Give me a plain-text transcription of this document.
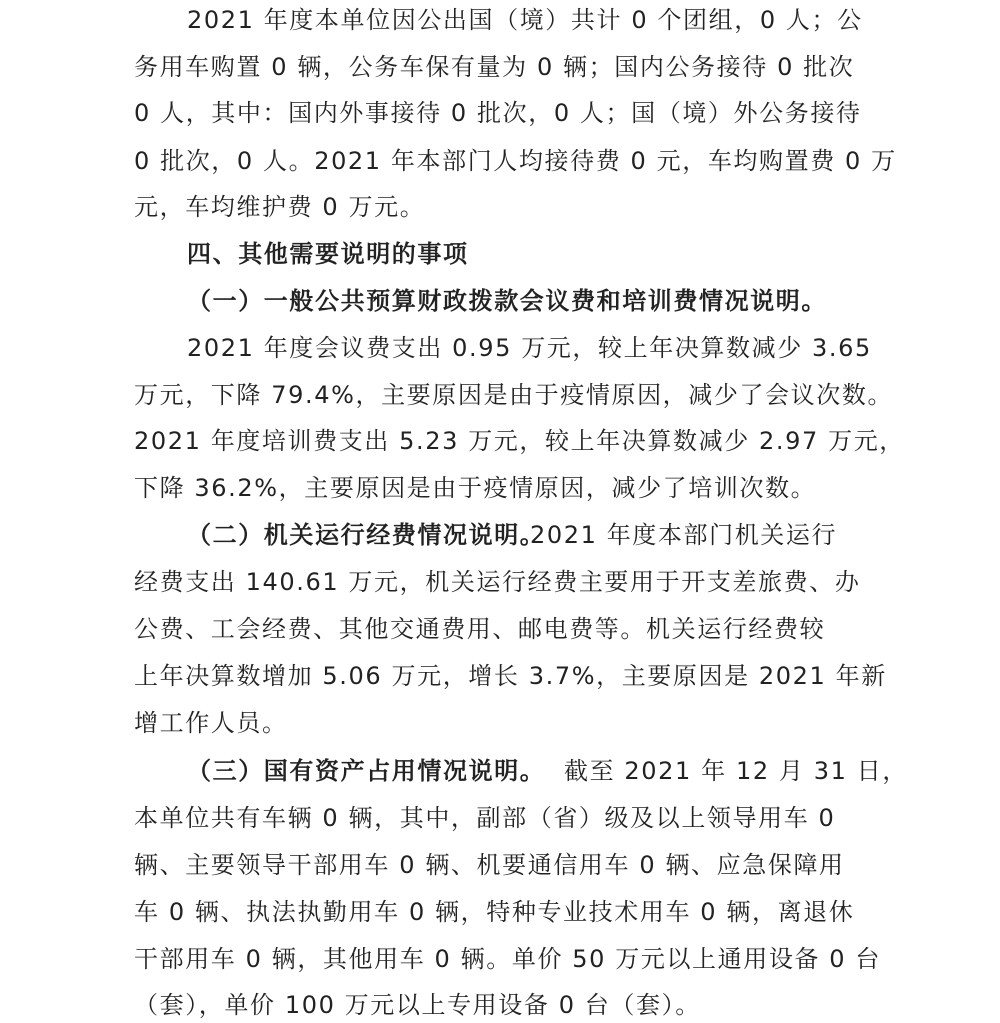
2021 年度本单位因公出国（境）共计 0 个团组，0 人；公
务用车购置 0 辆，公务车保有量为 0 辆；国内公务接待 0 批次
0 人，其中：国内外事接待 0 批次，0 人；国（境）外公务接待
0 批次，0 人。2021 年本部门人均接待费 0 元，车均购置费 0 万
元，车均维护费 0 万元。
四、其他需要说明的事项
（一）一般公共预算财政拨款会议费和培训费情况说明。
2021 年度会议费支出 0.95 万元，较上年决算数减少 3.65
万元，下降 79.4%，主要原因是由于疫情原因，减少了会议次数。
2021 年度培训费支出 5.23 万元，较上年决算数减少 2.97 万元，
下降 36.2%，主要原因是由于疫情原因，减少了培训次数。
（二）机关运行经费情况说明。
2021 年度本部门机关运行
经费支出 140.61 万元，机关运行经费主要用于开支差旅费、办
公费、工会经费、其他交通费用、邮电费等。机关运行经费较
上年决算数增加 5.06 万元，增长 3.7%，主要原因是 2021 年新
增工作人员。
（三）国有资产占用情况说明。 截至 2021 年 12 月 31 日，
本单位共有车辆 0 辆，其中，副部（省）级及以上领导用车 0
辆、主要领导干部用车 0 辆、机要通信用车 0 辆、应急保障用
车 0 辆、执法执勤用车 0 辆，特种专业技术用车 0 辆，离退休
干部用车 0 辆，其他用车 0 辆。单价 50 万元以上通用设备 0 台
（套），单价 100 万元以上专用设备 0 台（套）。
